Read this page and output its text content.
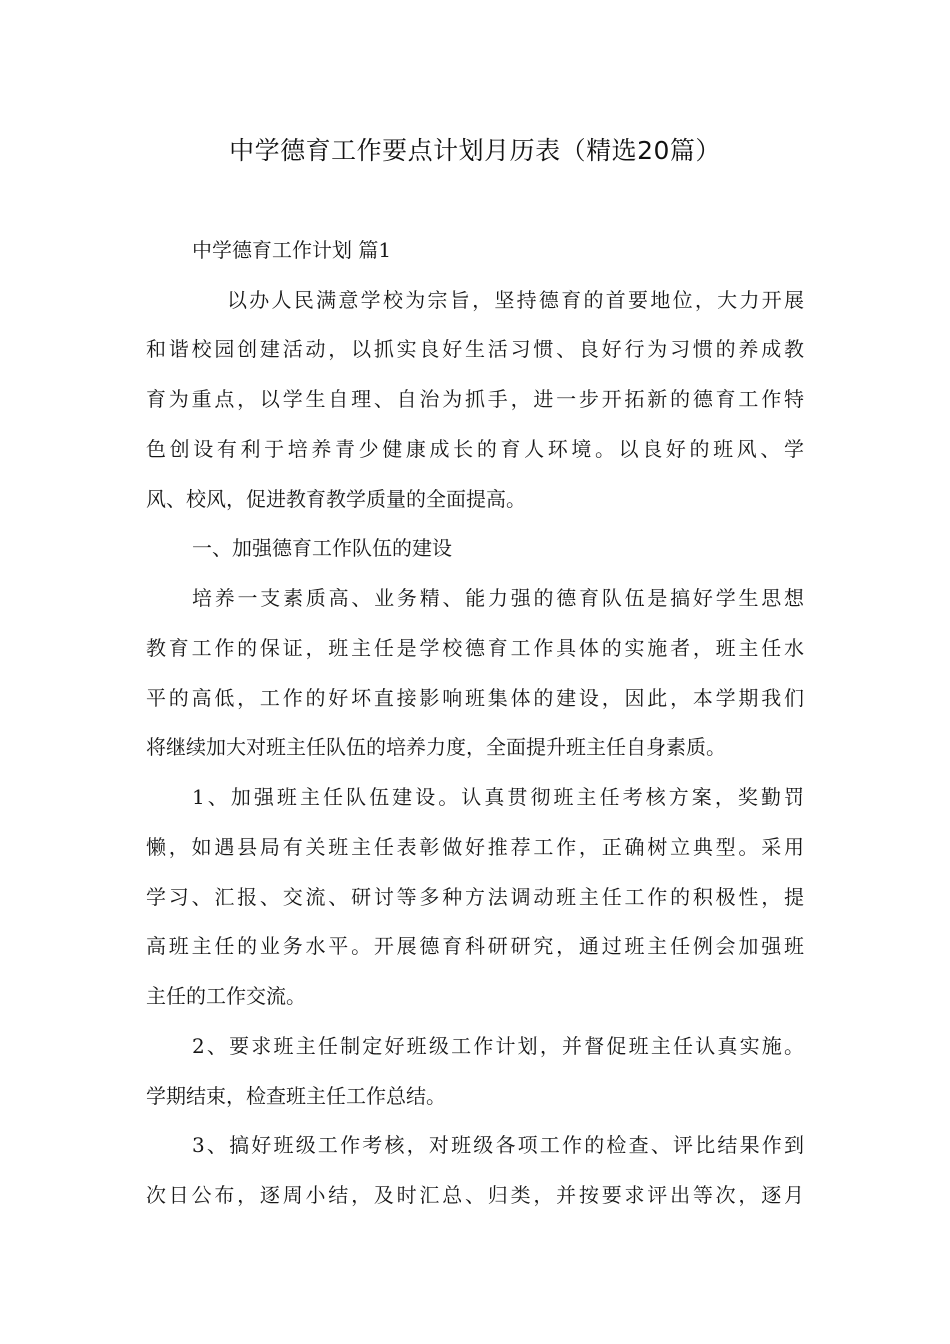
中学德育工作要点计划月历表（精选20篇）
中学德育工作计划 篇1
以办人民满意学校为宗旨，坚持德育的首要地位，大力开展
和谐校园创建活动，以抓实良好生活习惯、良好行为习惯的养成教
育为重点，以学生自理、自治为抓手，进一步开拓新的德育工作特
色创设有利于培养青少健康成长的育人环境。以良好的班风、学
风、校风，促进教育教学质量的全面提高。
一、加强德育工作队伍的建设
培养一支素质高、业务精、能力强的德育队伍是搞好学生思想
教育工作的保证，班主任是学校德育工作具体的实施者，班主任水
平的高低，工作的好坏直接影响班集体的建设，因此，本学期我们
将继续加大对班主任队伍的培养力度，全面提升班主任自身素质。
1、加强班主任队伍建设。认真贯彻班主任考核方案，奖勤罚
懒，如遇县局有关班主任表彰做好推荐工作，正确树立典型。采用
学习、汇报、交流、研讨等多种方法调动班主任工作的积极性，提
高班主任的业务水平。开展德育科研研究，通过班主任例会加强班
主任的工作交流。
2、要求班主任制定好班级工作计划，并督促班主任认真实施。
学期结束，检查班主任工作总结。
3、搞好班级工作考核，对班级各项工作的检查、评比结果作到
次日公布，逐周小结，及时汇总、归类，并按要求评出等次，逐月
